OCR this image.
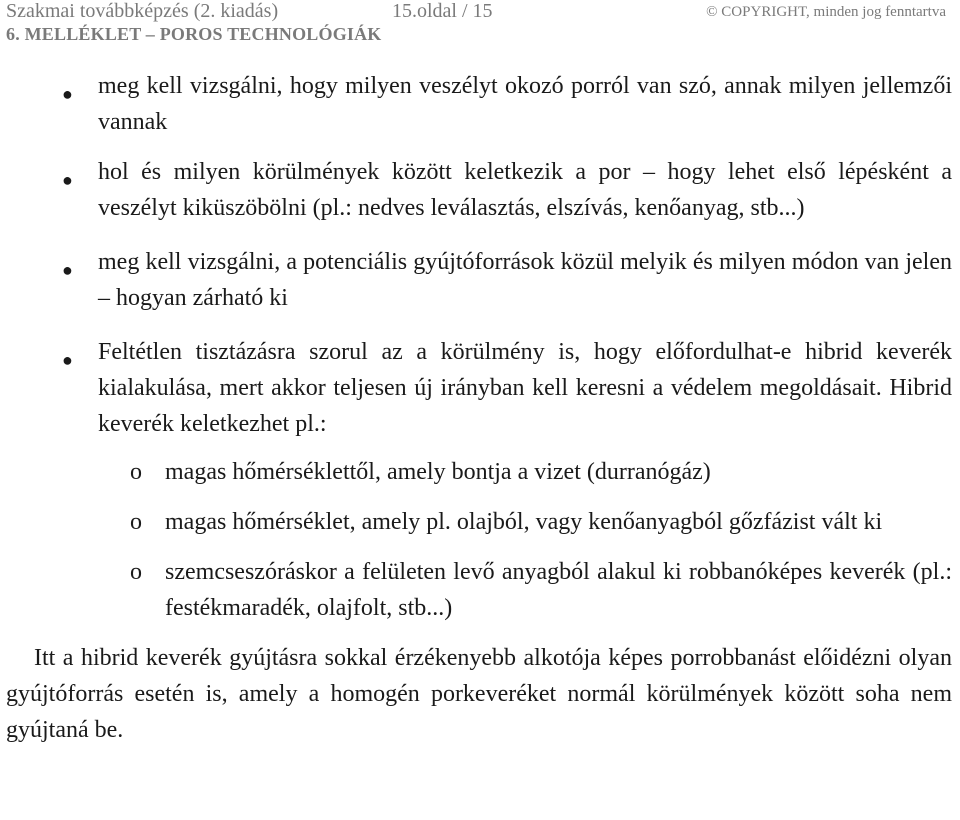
Szakmai továbbképzés (2. kiadás)	15.oldal / 15	© COPYRIGHT, minden jog fenntartva
6. MELLÉKLET – POROS TECHNOLÓGIÁK
● meg kell vizsgálni, hogy milyen veszélyt okozó porról van szó, annak milyen jellemzői vannak
● hol és milyen körülmények között keletkezik a por – hogy lehet első lépésként a veszélyt kiküszöbölni (pl.: nedves leválasztás, elszívás, kenőanyag, stb...)
● meg kell vizsgálni, a potenciális gyújtóforrások közül melyik és milyen módon van jelen – hogyan zárható ki
● Feltétlen tisztázásra szorul az a körülmény is, hogy előfordulhat-e hibrid keverék kialakulása, mert akkor teljesen új irányban kell keresni a védelem megoldásait. Hibrid keverék keletkezhet pl.:
o magas hőmérséklettől, amely bontja a vizet (durranógáz)
o magas hőmérséklet, amely pl. olajból, vagy kenőanyagból gőzfázist vált ki
o szemcseszóráskor a felületen levő anyagból alakul ki robbanóképes keverék (pl.: festékmaradék, olajfolt, stb...)

Itt a hibrid keverék gyújtásra sokkal érzékenyebb alkotója képes porrobbanást előidézni olyan gyújtóforrás esetén is, amely a homogén porkeveréket normál körülmények között soha nem gyújtaná be.
